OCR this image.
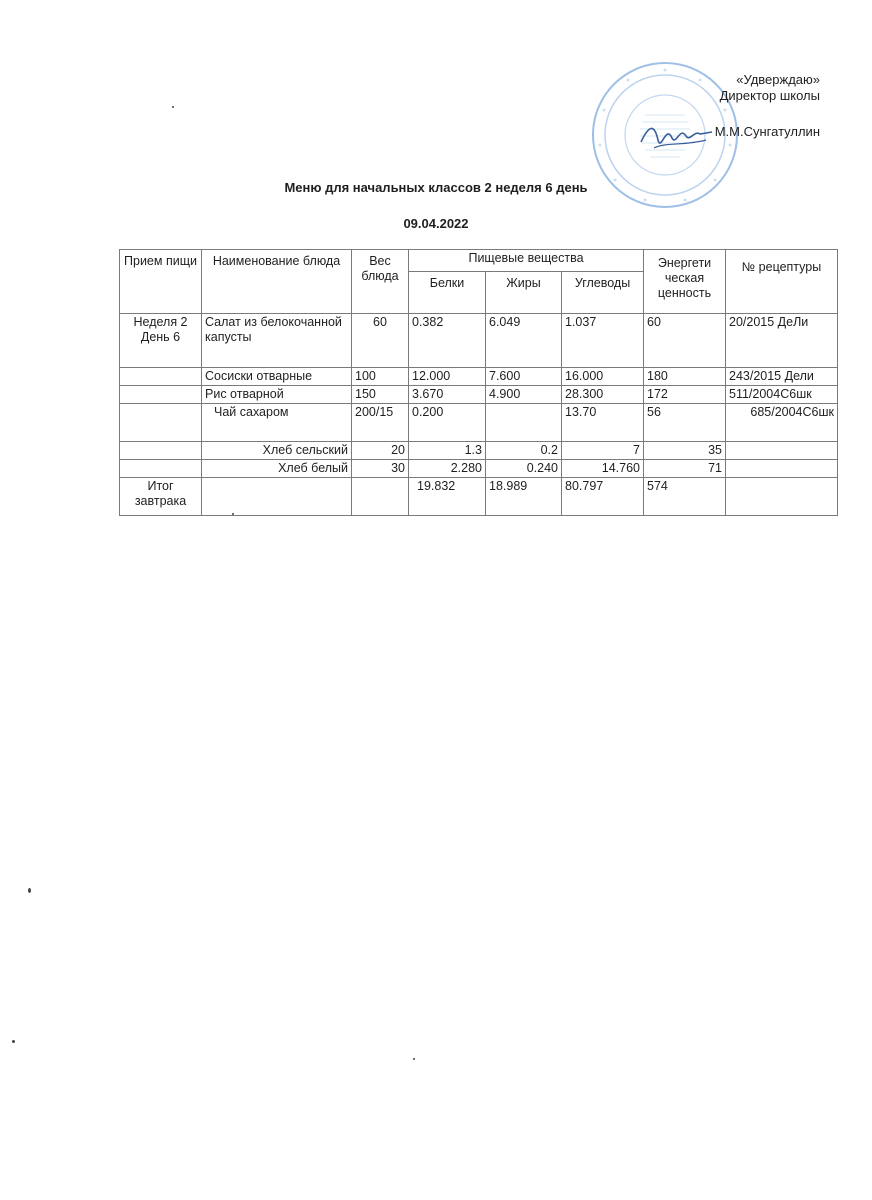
«Удверждаю»
Директор школы
М.М.Сунгатуллин
Меню для начальных классов 2 неделя 6 день
09.04.2022
Прием пищи	Наименование блюда	Вес блюда	Пищевые вещества			Энергети ческая ценность	№ рецептуры
			Белки	Жиры	Углеводы		
Неделя 2 День 6	Салат из белокочанной капусты	60	0.382	6.049	1.037	60	20/2015 ДеЛи
	Сосиски отварные	100	12.000	7.600	16.000	180	243/2015 Дели
	Рис отварной	150	3.670	4.900	28.300	172	511/2004С6шк
	Чай сахаром	200/15	0.200		13.70	56	685/2004С6шк
	Хлеб сельский	20	1.3	0.2	7	35	
	Хлеб белый	30	2.280	0.240	14.760	71	
Итог завтрака			19.832	18.989	80.797	574	
